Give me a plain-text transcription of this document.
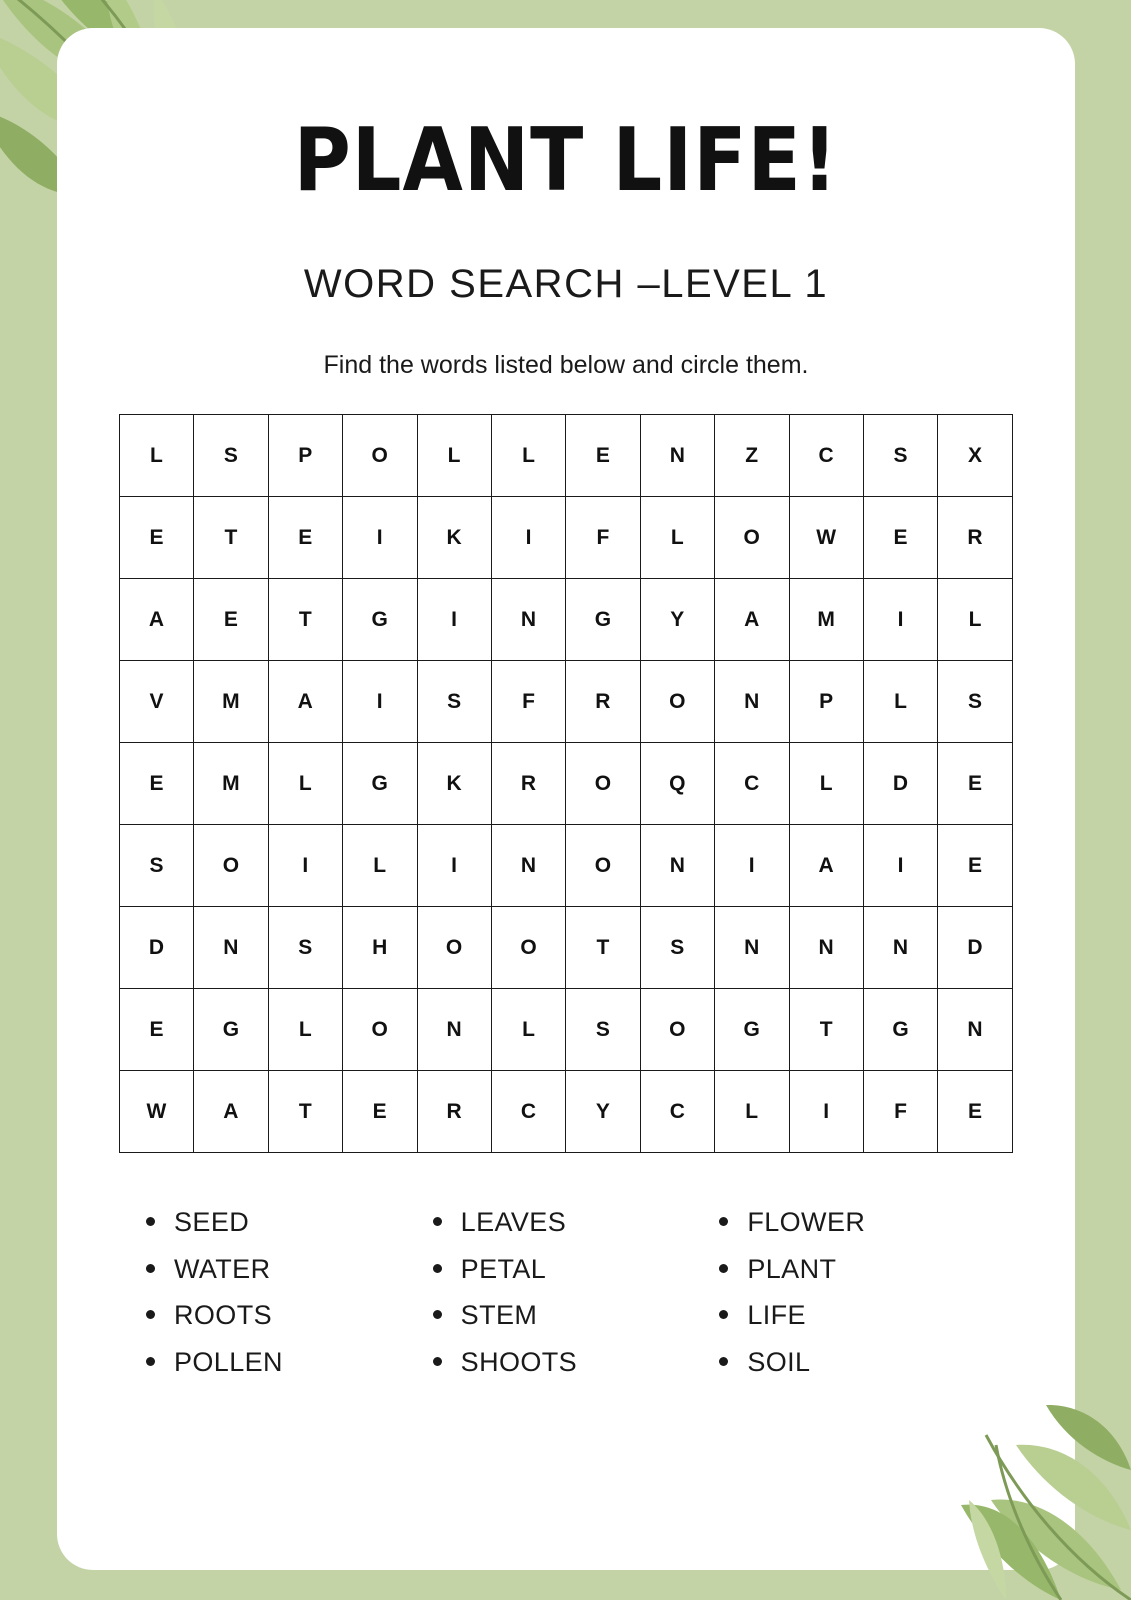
PLANT LIFE!
WORD SEARCH –LEVEL 1
Find the words listed below and circle them.
L	S	P	O	L	L	E	N	Z	C	S	X
E	T	E	I	K	I	F	L	O	W	E	R
A	E	T	G	I	N	G	Y	A	M	I	L
V	M	A	I	S	F	R	O	N	P	L	S
E	M	L	G	K	R	O	Q	C	L	D	E
S	O	I	L	I	N	O	N	I	A	I	E
D	N	S	H	O	O	T	S	N	N	N	D
E	G	L	O	N	L	S	O	G	T	G	N
W	A	T	E	R	C	Y	C	L	I	F	E
SEED
WATER
ROOTS
POLLEN
LEAVES
PETAL
STEM
SHOOTS
FLOWER
PLANT
LIFE
SOIL
